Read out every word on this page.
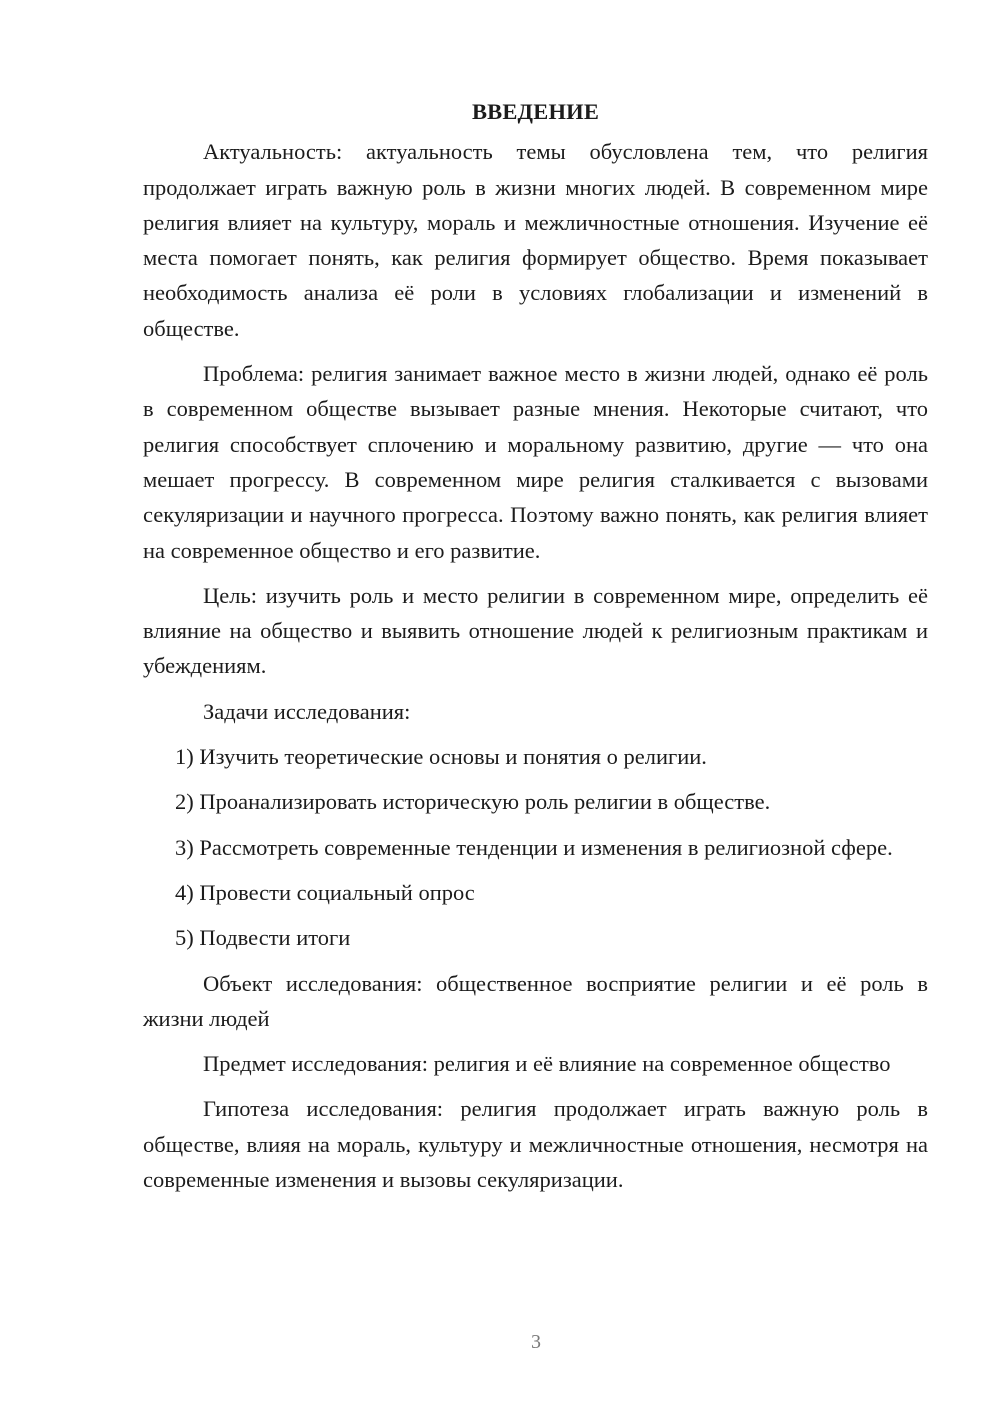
ВВЕДЕНИЕ

Актуальность: актуальность темы обусловлена тем, что религия продолжает играть важную роль в жизни многих людей. В современном мире религия влияет на культуру, мораль и межличностные отношения. Изучение её места помогает понять, как религия формирует общество. Время показывает необходимость анализа её роли в условиях глобализации и изменений в обществе.

Проблема: религия занимает важное место в жизни людей, однако её роль в современном обществе вызывает разные мнения. Некоторые считают, что религия способствует сплочению и моральному развитию, другие — что она мешает прогрессу. В современном мире религия сталкивается с вызовами секуляризации и научного прогресса. Поэтому важно понять, как религия влияет на современное общество и его развитие.

Цель: изучить роль и место религии в современном мире, определить её влияние на общество и выявить отношение людей к религиозным практикам и убеждениям.

Задачи исследования:

1) Изучить теоретические основы и понятия о религии.

2) Проанализировать историческую роль религии в обществе.

3) Рассмотреть современные тенденции и изменения в религиозной сфере.

4) Провести социальный опрос

5) Подвести итоги

Объект исследования: общественное восприятие религии и её роль в жизни людей

Предмет исследования: религия и её влияние на современное общество

Гипотеза исследования: религия продолжает играть важную роль в обществе, влияя на мораль, культуру и межличностные отношения, несмотря на современные изменения и вызовы секуляризации.

3
